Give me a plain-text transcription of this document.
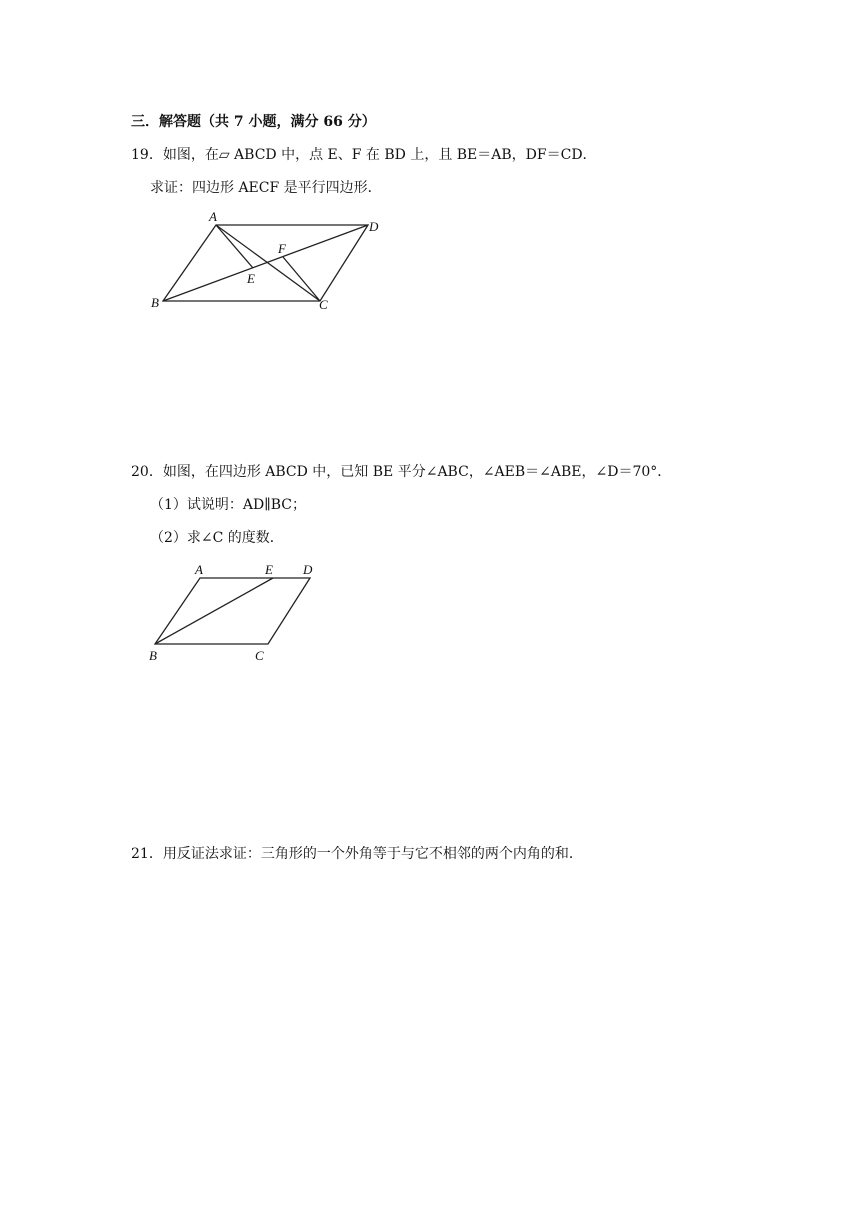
三．解答题（共 7 小题，满分 66 分）
19．如图，在▱ ABCD 中，点 E、F 在 BD 上，且 BE＝AB，DF＝CD．
求证：四边形 AECF 是平行四边形．
A
D
F
E
B	C
20．如图，在四边形 ABCD 中，已知 BE 平分∠ABC，∠AEB＝∠ABE，∠D＝70°．
（1）试说明：AD∥BC；
（2）求∠C 的度数．
A	E D
B	C
21．用反证法求证：三角形的一个外角等于与它不相邻的两个内角的和．
